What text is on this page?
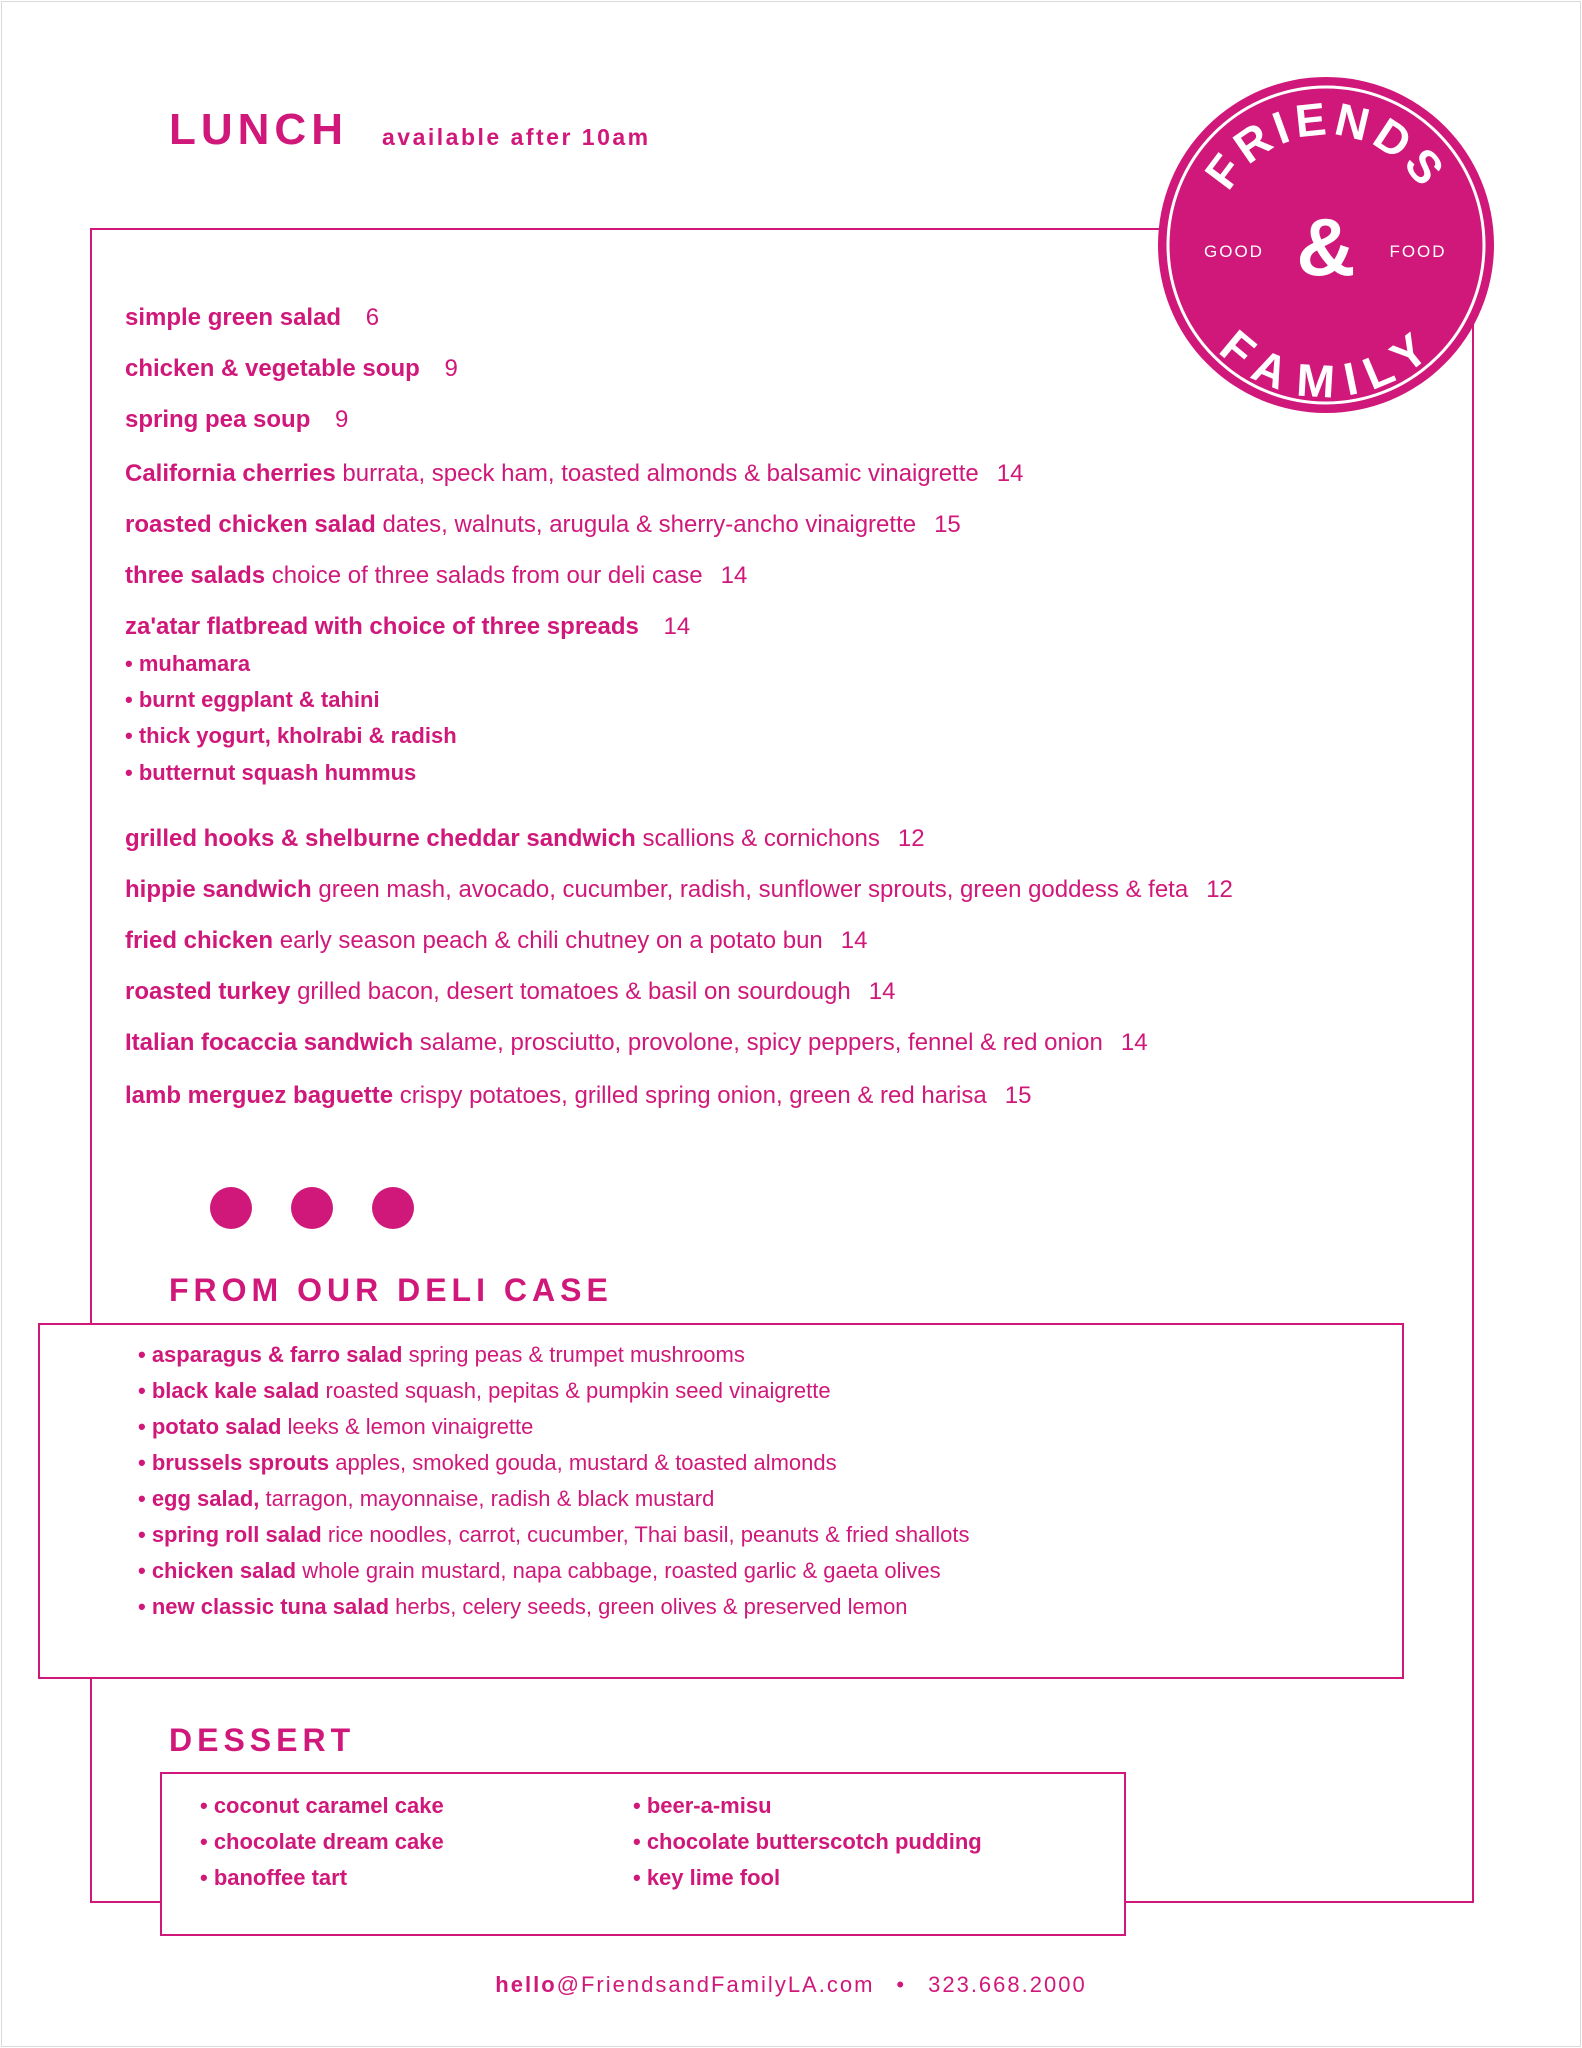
LUNCH available after 10am
FRIENDS
FAMILY
&
GOOD	FOOD
simple green salad 6
chicken & vegetable soup 9
spring pea soup 9
California cherries burrata, speck ham, toasted almonds & balsamic vinaigrette 14
roasted chicken salad dates, walnuts, arugula & sherry-ancho vinaigrette 15
three salads choice of three salads from our deli case 14
za'atar flatbread with choice of three spreads 14
• muhamara
• burnt eggplant & tahini
• thick yogurt, kholrabi & radish
• butternut squash hummus
grilled hooks & shelburne cheddar sandwich scallions & cornichons 12
hippie sandwich green mash, avocado, cucumber, radish, sunflower sprouts, green goddess & feta 12
fried chicken early season peach & chili chutney on a potato bun 14
roasted turkey grilled bacon, desert tomatoes & basil on sourdough 14
Italian focaccia sandwich salame, prosciutto, provolone, spicy peppers, fennel & red onion 14
lamb merguez baguette crispy potatoes, grilled spring onion, green & red harisa 15
FROM OUR DELI CASE
• asparagus & farro salad spring peas & trumpet mushrooms
• black kale salad roasted squash, pepitas & pumpkin seed vinaigrette
• potato salad leeks & lemon vinaigrette
• brussels sprouts apples, smoked gouda, mustard & toasted almonds
• egg salad, tarragon, mayonnaise, radish & black mustard
• spring roll salad rice noodles, carrot, cucumber, Thai basil, peanuts & fried shallots
• chicken salad whole grain mustard, napa cabbage, roasted garlic & gaeta olives
• new classic tuna salad herbs, celery seeds, green olives & preserved lemon
DESSERT
• coconut caramel cake
• chocolate dream cake
• banoffee tart
• beer-a-misu
• chocolate butterscotch pudding
• key lime fool
hello@FriendsandFamilyLA.com • 323.668.2000
